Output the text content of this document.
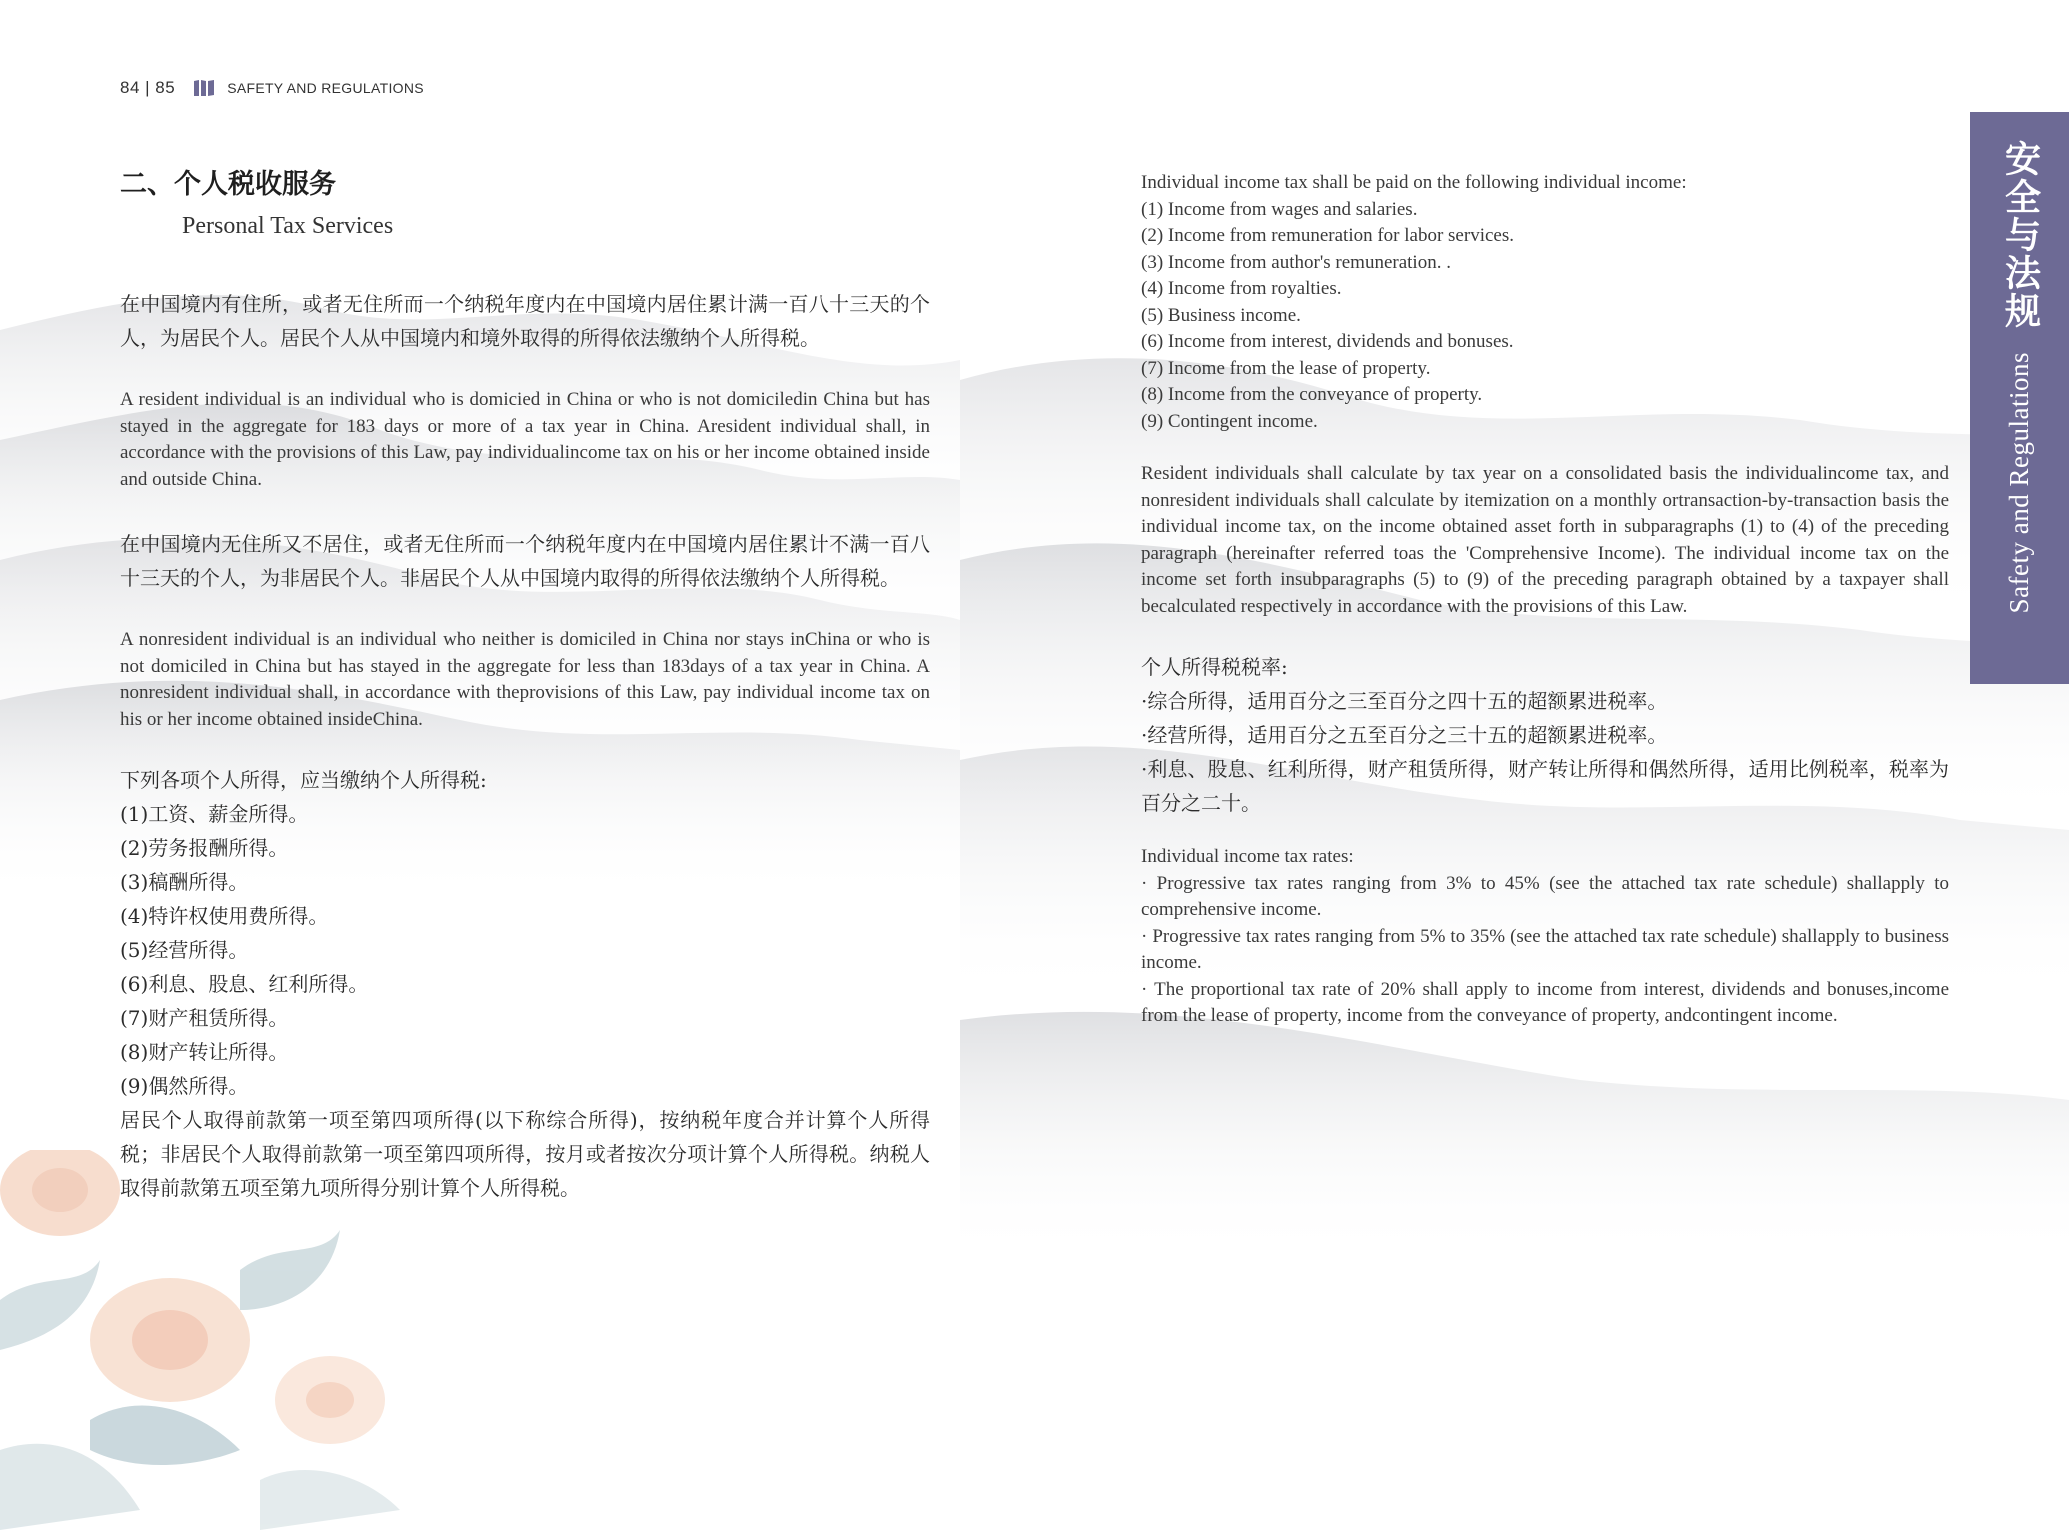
84 | 85	SAFETY AND REGULATIONS
安全与法规
Safety and Regulations
二、个人税收服务
Personal Tax Services

在中国境内有住所，或者无住所而一个纳税年度内在中国境内居住累计满一百八十三天的个人，为居民个人。居民个人从中国境内和境外取得的所得依法缴纳个人所得税。

A resident individual is an individual who is domicied in China or who is not domiciledin China but has stayed in the aggregate for 183 days or more of a tax year in China. Aresident individual shall, in accordance with the provisions of this Law, pay individualincome tax on his or her income obtained inside and outside China.

在中国境内无住所又不居住，或者无住所而一个纳税年度内在中国境内居住累计不满一百八十三天的个人，为非居民个人。非居民个人从中国境内取得的所得依法缴纳个人所得税。

A nonresident individual is an individual who neither is domiciled in China nor stays inChina or who is not domiciled in China but has stayed in the aggregate for less than 183days of a tax year in China. A nonresident individual shall, in accordance with theprovisions of this Law, pay individual income tax on his or her income obtained insideChina.

下列各项个人所得，应当缴纳个人所得税:

(1)工资、薪金所得。

(2)劳务报酬所得。

(3)稿酬所得。

(4)特许权使用费所得。

(5)经营所得。

(6)利息、股息、红利所得。

(7)财产租赁所得。

(8)财产转让所得。

(9)偶然所得。

居民个人取得前款第一项至第四项所得(以下称综合所得)，按纳税年度合并计算个人所得税；非居民个人取得前款第一项至第四项所得，按月或者按次分项计算个人所得税。纳税人取得前款第五项至第九项所得分别计算个人所得税。

Individual income tax shall be paid on the following individual income:

(1) Income from wages and salaries.

(2) Income from remuneration for labor services.

(3) Income from author's remuneration. .

(4) Income from royalties.

(5) Business income.

(6) Income from interest, dividends and bonuses.

(7) Income from the lease of property.

(8) Income from the conveyance of property.

(9) Contingent income.

Resident individuals shall calculate by tax year on a consolidated basis the individualincome tax, and nonresident individuals shall calculate by itemization on a monthly ortransaction-by-transaction basis the individual income tax, on the income obtained asset forth in subparagraphs (1) to (4) of the preceding paragraph (hereinafter referred toas the 'Comprehensive Income). The individual income tax on the income set forth insubparagraphs (5) to (9) of the preceding paragraph obtained by a taxpayer shall becalculated respectively in accordance with the provisions of this Law.

个人所得税税率:

·综合所得，适用百分之三至百分之四十五的超额累进税率。

·经营所得，适用百分之五至百分之三十五的超额累进税率。

·利息、股息、红利所得，财产租赁所得，财产转让所得和偶然所得，适用比例税率，税率为百分之二十。

Individual income tax rates:

· Progressive tax rates ranging from 3% to 45% (see the attached tax rate schedule) shallapply to comprehensive income.

· Progressive tax rates ranging from 5% to 35% (see the attached tax rate schedule) shallapply to business income.

· The proportional tax rate of 20% shall apply to income from interest, dividends and bonuses,income from the lease of property, income from the conveyance of property, andcontingent income.
